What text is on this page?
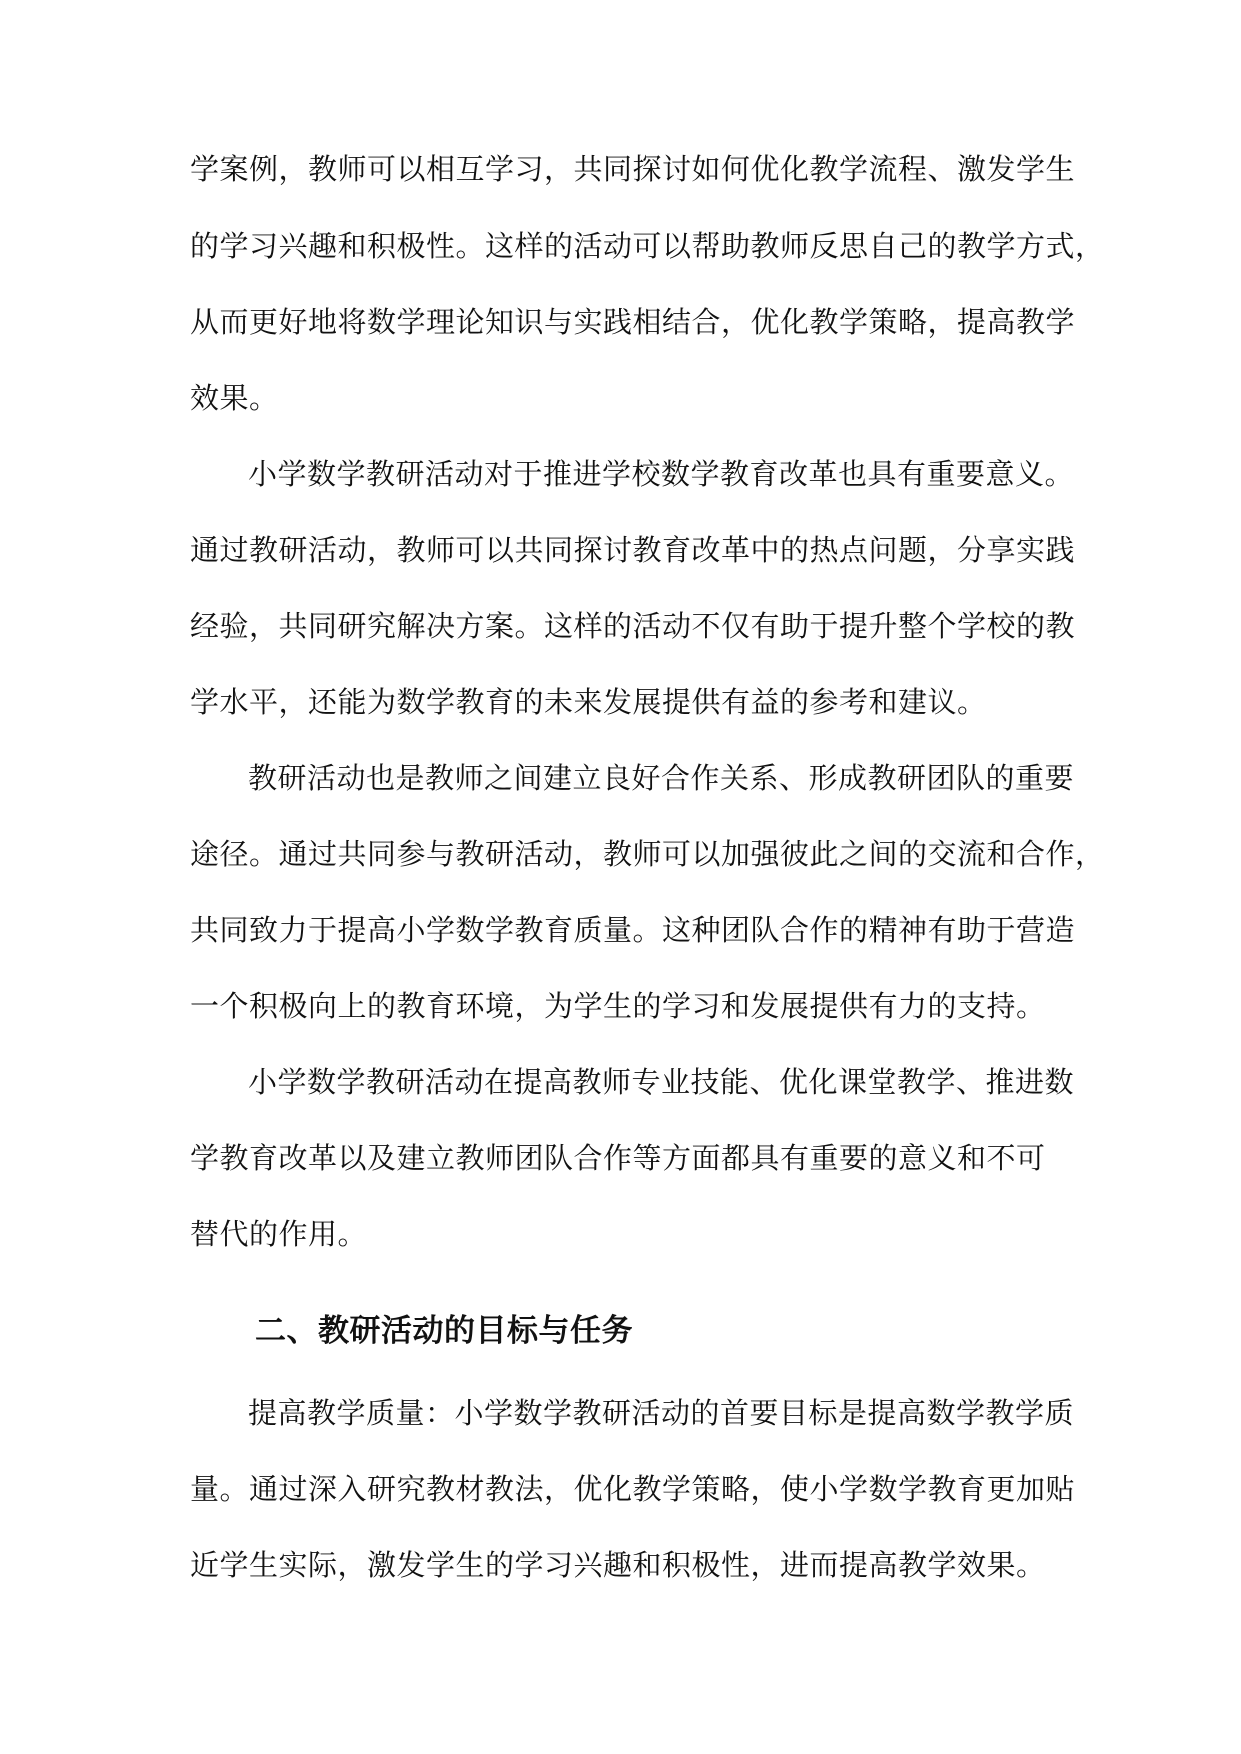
学案例，教师可以相互学习，共同探讨如何优化教学流程、激发学生
的学习兴趣和积极性。这样的活动可以帮助教师反思自己的教学方式，
从而更好地将数学理论知识与实践相结合，优化教学策略，提高教学
效果。
小学数学教研活动对于推进学校数学教育改革也具有重要意义。
通过教研活动，教师可以共同探讨教育改革中的热点问题，分享实践
经验，共同研究解决方案。这样的活动不仅有助于提升整个学校的教
学水平，还能为数学教育的未来发展提供有益的参考和建议。
教研活动也是教师之间建立良好合作关系、形成教研团队的重要
途径。通过共同参与教研活动，教师可以加强彼此之间的交流和合作，
共同致力于提高小学数学教育质量。这种团队合作的精神有助于营造
一个积极向上的教育环境，为学生的学习和发展提供有力的支持。
小学数学教研活动在提高教师专业技能、优化课堂教学、推进数
学教育改革以及建立教师团队合作等方面都具有重要的意义和不可
替代的作用。
二、教研活动的目标与任务
提高教学质量：小学数学教研活动的首要目标是提高数学教学质
量。通过深入研究教材教法，优化教学策略，使小学数学教育更加贴
近学生实际，激发学生的学习兴趣和积极性，进而提高教学效果。
